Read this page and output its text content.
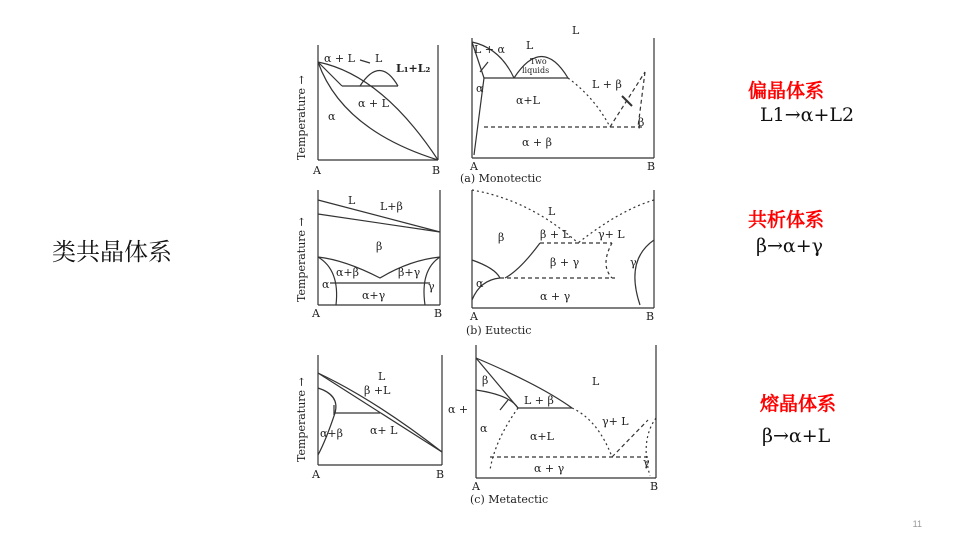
类共晶体系
偏晶体系
L1→α+L2
共析体系
β→α+γ
熔晶体系
β→α+L
11
Temperature →
Temperature →
Temperature →
A	B
α + L L
L₁+L₂
α
α + L
A	B
L
L + α L
Two
liquids
α
α+L
L + β
β
α + β
(a) Monotectic
A	B
L L+β
β
α+β	β+γ
α	γ
α+γ
A	B
L
β	β + L	γ+ L
β + γ	γ
α
α + γ
(b) Eutectic
A	B
L
β +L
α+β α+ L
A	B
L
β
α +
L + β
α
α+L
γ+ L
α + γ	γ
(c) Metatectic
